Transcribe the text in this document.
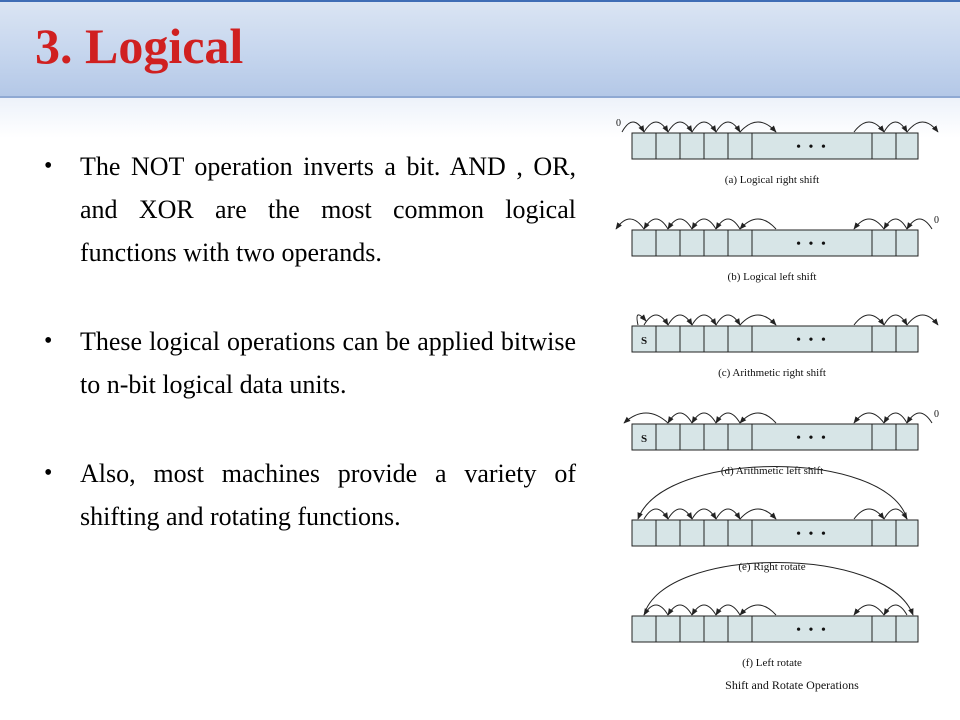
3. Logical
• The NOT operation inverts a bit. AND , OR, and XOR are the most common logical functions with two operands.
• These logical operations can be applied bitwise to n-bit logical data units.
• Also, most machines provide a variety of shifting and rotating functions.
• • •
(a) Logical right shift
0
• • •
(b) Logical left shift
0
• • •
S
(c) Arithmetic right shift
• • •
S
(d) Arithmetic left shift
0
• • •
(e) Right rotate
• • •
(f) Left rotate
Shift and Rotate Operations
